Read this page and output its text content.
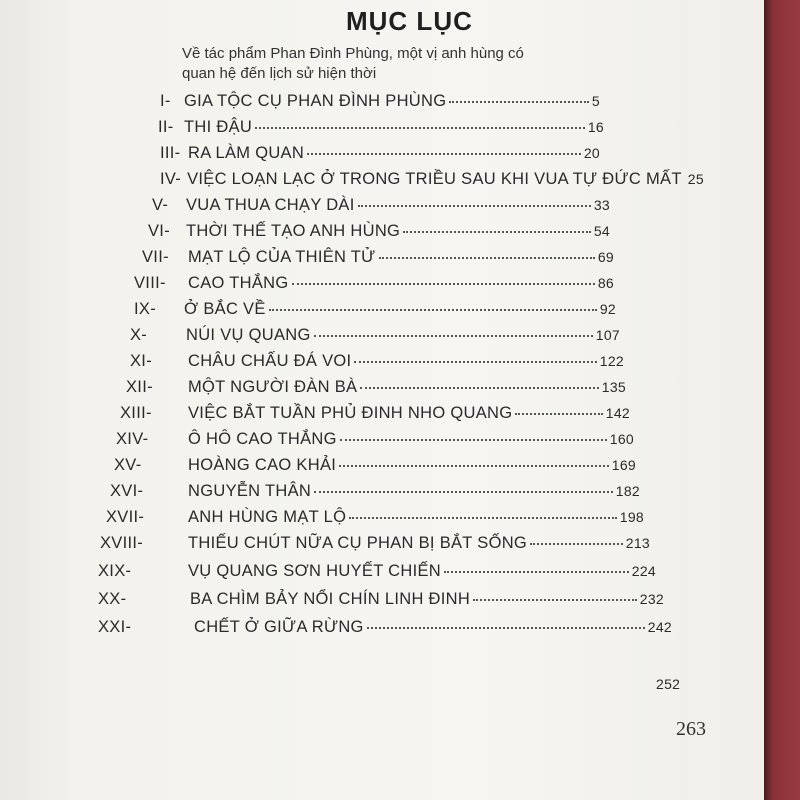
MỤC LỤC
Về tác phẩm Phan Đình Phùng, một vị anh hùng có quan hệ đến lịch sử hiện thời
I- GIA TỘC CỤ PHAN ĐÌNH PHÙNG	5
II- THI ĐẬU	16
III- RA LÀM QUAN	20
IV- VIỆC LOẠN LẠC Ở TRONG TRIỀU SAU KHI VUA TỰ ĐỨC MẤT 25
V-	VUA THUA CHẠY DÀI	33
VI- THỜI THẾ TẠO ANH HÙNG	54
VII-	MẠT LỘ CỦA THIÊN TỬ	69
VIII-	CAO THẮNG	86
IX-	Ở BẮC VỀ	92
X-	NÚI VỤ QUANG	107
XI-	CHÂU CHẤU ĐÁ VOI	122
XII-	MỘT NGƯỜI ĐÀN BÀ	135
XIII-	VIỆC BẮT TUẦN PHỦ ĐINH NHO QUANG	142
XIV-	Ô HÔ CAO THẮNG	160
XV-	HOÀNG CAO KHẢI	169
XVI-	NGUYỄN THÂN	182
XVII-	ANH HÙNG MẠT LỘ	198
XVIII-	THIẾU CHÚT NỮA CỤ PHAN BỊ BẮT SỐNG	213
XIX-	VỤ QUANG SƠN HUYẾT CHIẾN	224
XX-	BA CHÌM BẢY NỔI CHÍN LINH ĐINH	232
XXI-	CHẾT Ở GIỮA RỪNG	242
252
263
